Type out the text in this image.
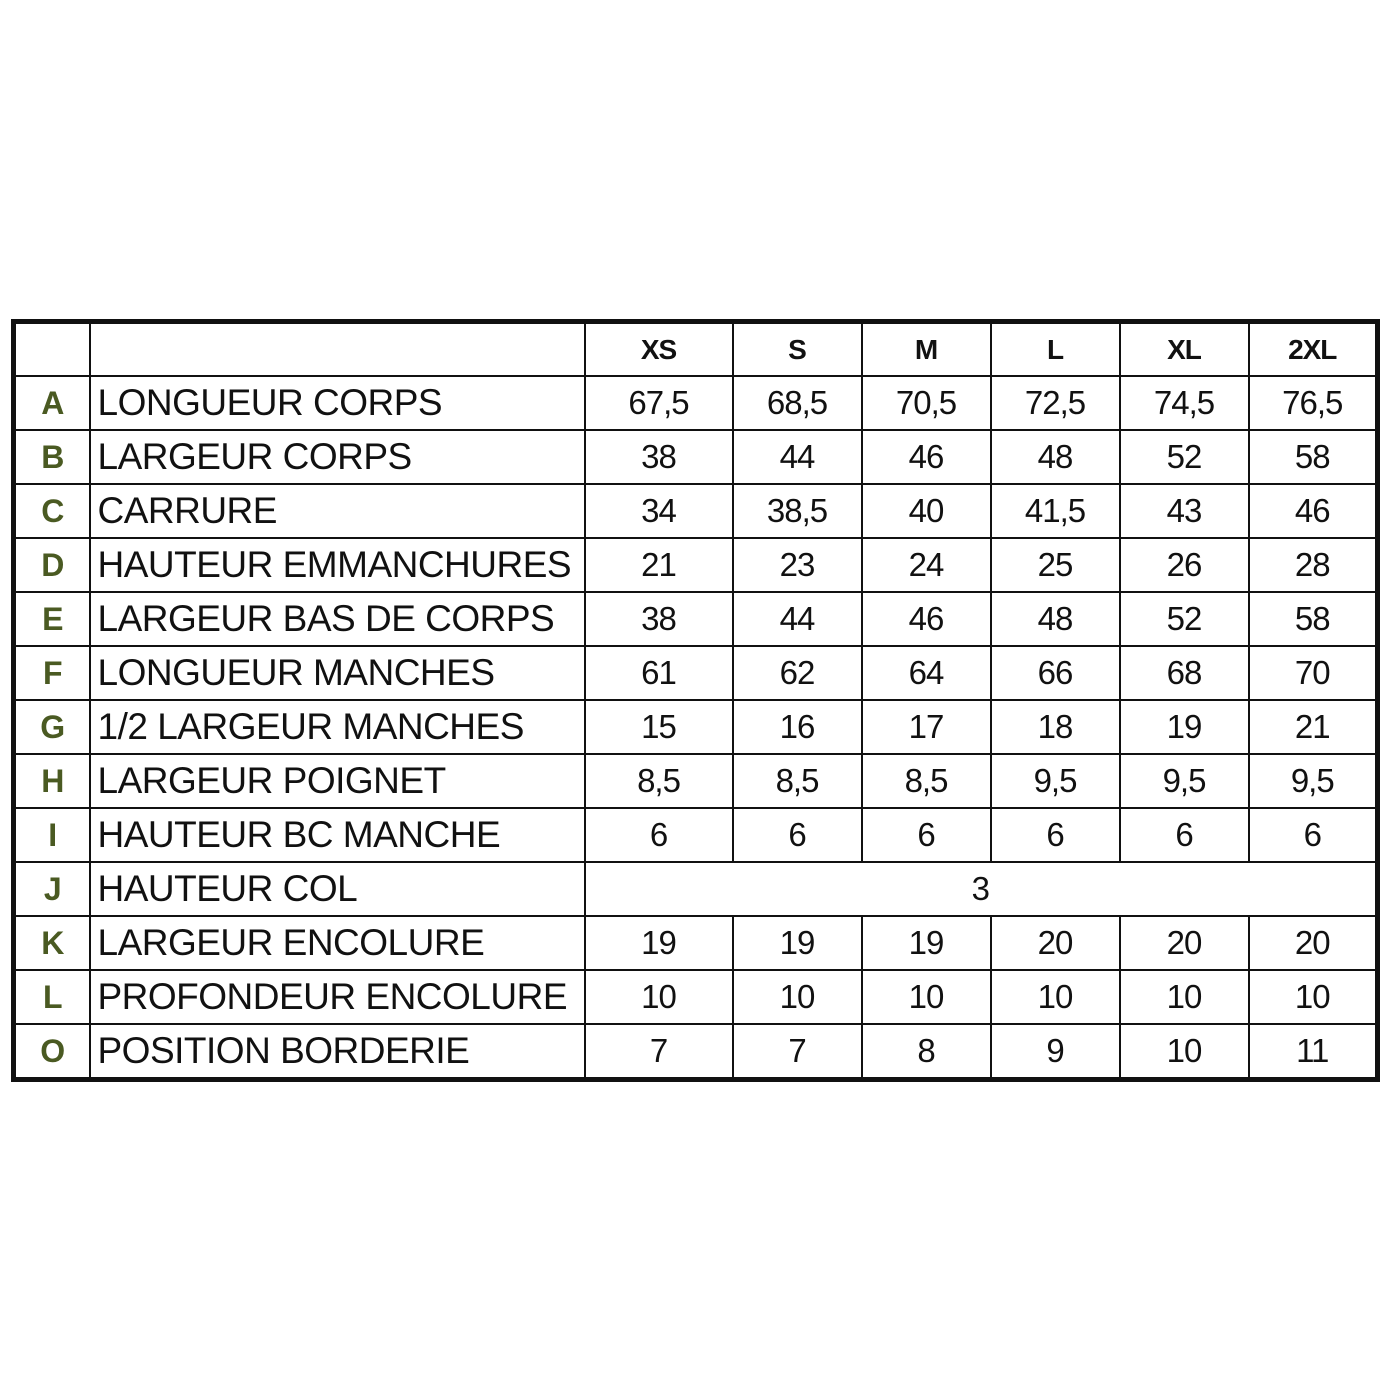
		XS	S	M	L	XL	2XL
A	LONGUEUR CORPS	67,5	68,5	70,5	72,5	74,5	76,5
B	LARGEUR CORPS	38	44	46	48	52	58
C	CARRURE	34	38,5	40	41,5	43	46
D	HAUTEUR EMMANCHURES	21	23	24	25	26	28
E	LARGEUR BAS DE CORPS	38	44	46	48	52	58
F	LONGUEUR MANCHES	61	62	64	66	68	70
G	1/2 LARGEUR MANCHES	15	16	17	18	19	21
H	LARGEUR POIGNET	8,5	8,5	8,5	9,5	9,5	9,5
I	HAUTEUR BC MANCHE	6	6	6	6	6	6
J	HAUTEUR COL	3					
K	LARGEUR ENCOLURE	19	19	19	20	20	20
L	PROFONDEUR ENCOLURE	10	10	10	10	10	10
O	POSITION BORDERIE	7	7	8	9	10	11
